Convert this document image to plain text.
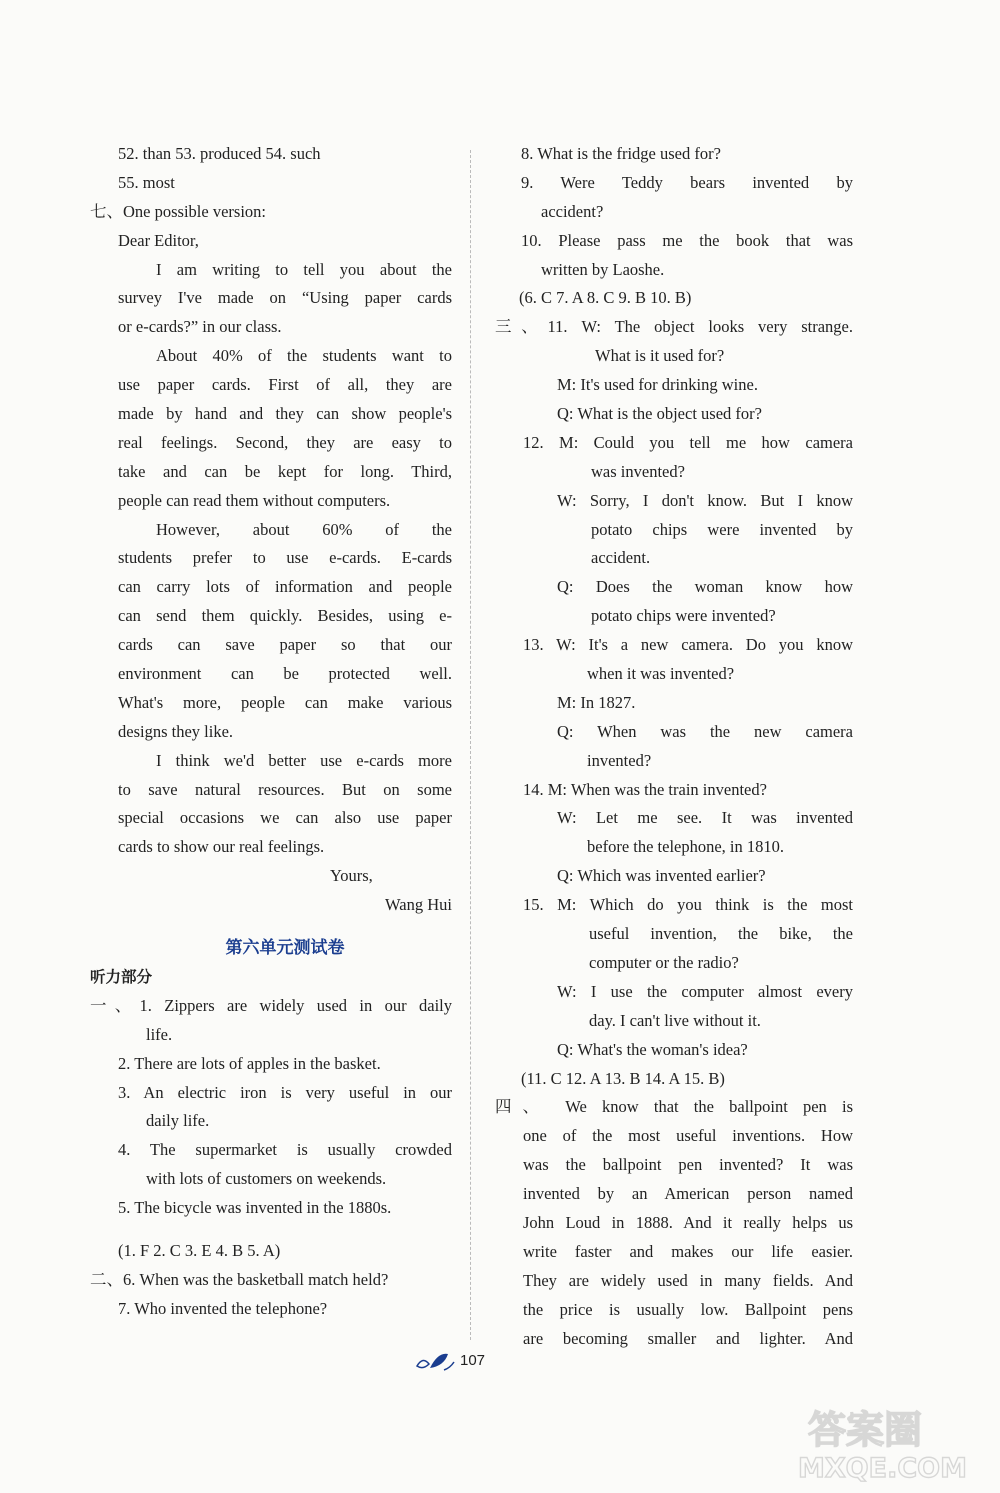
52. than 53. produced 54. such
55. most
七、One possible version:
Dear Editor,
I am writing to tell you about the
survey I've made on “Using paper cards
or e-cards?” in our class.
About 40% of the students want to
use paper cards. First of all, they are
made by hand and they can show people's
real feelings. Second, they are easy to
take and can be kept for long. Third,
people can read them without computers.
However, about 60% of the
students prefer to use e-cards. E-cards
can carry lots of information and people
can send them quickly. Besides, using e-
cards can save paper so that our
environment can be protected well.
What's more, people can make various
designs they like.
I think we'd better use e-cards more
to save natural resources. But on some
special occasions we can also use paper
cards to show our real feelings.
Yours,
Wang Hui
第六单元测试卷
听力部分
一、1. Zippers are widely used in our daily
life.
2. There are lots of apples in the basket.
3. An electric iron is very useful in our
daily life.
4. The supermarket is usually crowded
with lots of customers on weekends.
5. The bicycle was invented in the 1880s.
(1. F 2. C 3. E 4. B 5. A)
二、6. When was the basketball match held?
7. Who invented the telephone?
8. What is the fridge used for?
9. Were Teddy bears invented by
accident?
10. Please pass me the book that was
written by Laoshe.
(6. C 7. A 8. C 9. B 10. B)
三、11. W: The object looks very strange.
What is it used for?
M: It's used for drinking wine.
Q: What is the object used for?
12. M: Could you tell me how camera
was invented?
W: Sorry, I don't know. But I know
potato chips were invented by
accident.
Q: Does the woman know how
potato chips were invented?
13. W: It's a new camera. Do you know
when it was invented?
M: In 1827.
Q: When was the new camera
invented?
14. M: When was the train invented?
W: Let me see. It was invented
before the telephone, in 1810.
Q: Which was invented earlier?
15. M: Which do you think is the most
useful invention, the bike, the
computer or the radio?
W: I use the computer almost every
day. I can't live without it.
Q: What's the woman's idea?
(11. C 12. A 13. B 14. A 15. B)
四、 We know that the ballpoint pen is
one of the most useful inventions. How
was the ballpoint pen invented? It was
invented by an American person named
John Loud in 1888. And it really helps us
write faster and makes our life easier.
They are widely used in many fields. And
the price is usually low. Ballpoint pens
are becoming smaller and lighter. And
107
答案圈
MXQE.COM
